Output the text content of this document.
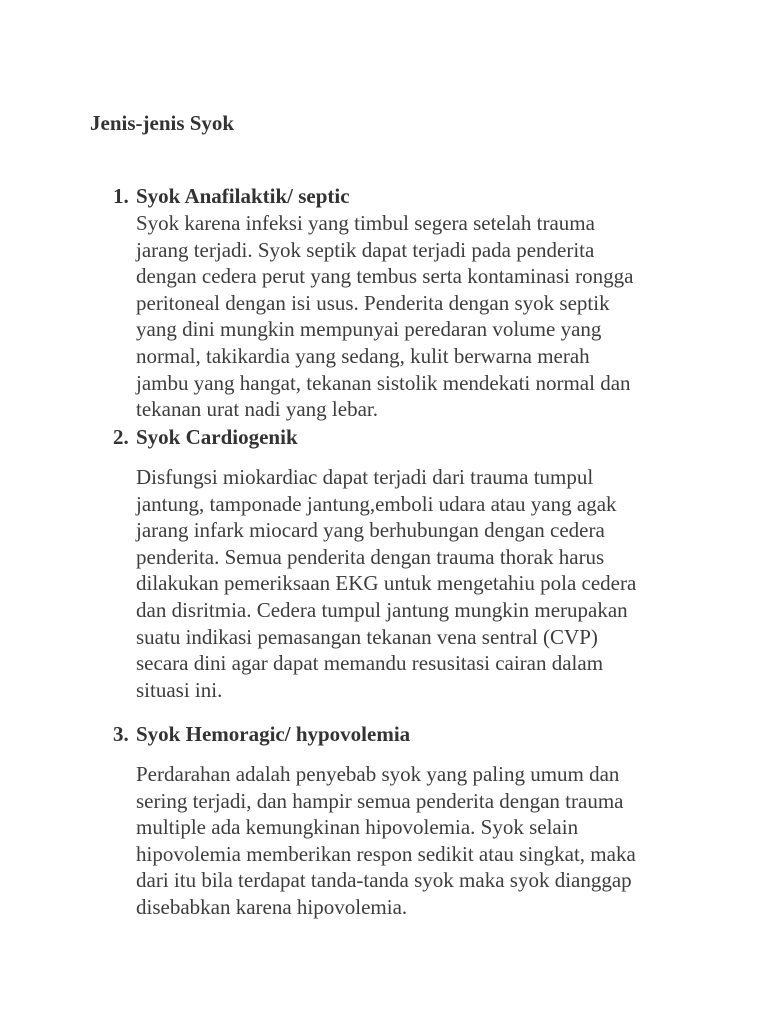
Jenis-jenis Syok
1. Syok Anafilaktik/ septic

Syok karena infeksi yang timbul segera setelah trauma
jarang terjadi. Syok septik dapat terjadi pada penderita
dengan cedera perut yang tembus serta kontaminasi rongga
peritoneal dengan isi usus. Penderita dengan syok septik
yang dini mungkin mempunyai peredaran volume yang
normal, takikardia yang sedang, kulit berwarna merah
jambu yang hangat, tekanan sistolik mendekati normal dan
tekanan urat nadi yang lebar.

2. Syok Cardiogenik

Disfungsi miokardiac dapat terjadi dari trauma tumpul
jantung, tamponade jantung,emboli udara atau yang agak
jarang infark miocard yang berhubungan dengan cedera
penderita. Semua penderita dengan trauma thorak harus
dilakukan pemeriksaan EKG untuk mengetahiu pola cedera
dan disritmia. Cedera tumpul jantung mungkin merupakan
suatu indikasi pemasangan tekanan vena sentral (CVP)
secara dini agar dapat memandu resusitasi cairan dalam
situasi ini.

3. Syok Hemoragic/ hypovolemia

Perdarahan adalah penyebab syok yang paling umum dan
sering terjadi, dan hampir semua penderita dengan trauma
multiple ada kemungkinan hipovolemia. Syok selain
hipovolemia memberikan respon sedikit atau singkat, maka
dari itu bila terdapat tanda-tanda syok maka syok dianggap
disebabkan karena hipovolemia.
